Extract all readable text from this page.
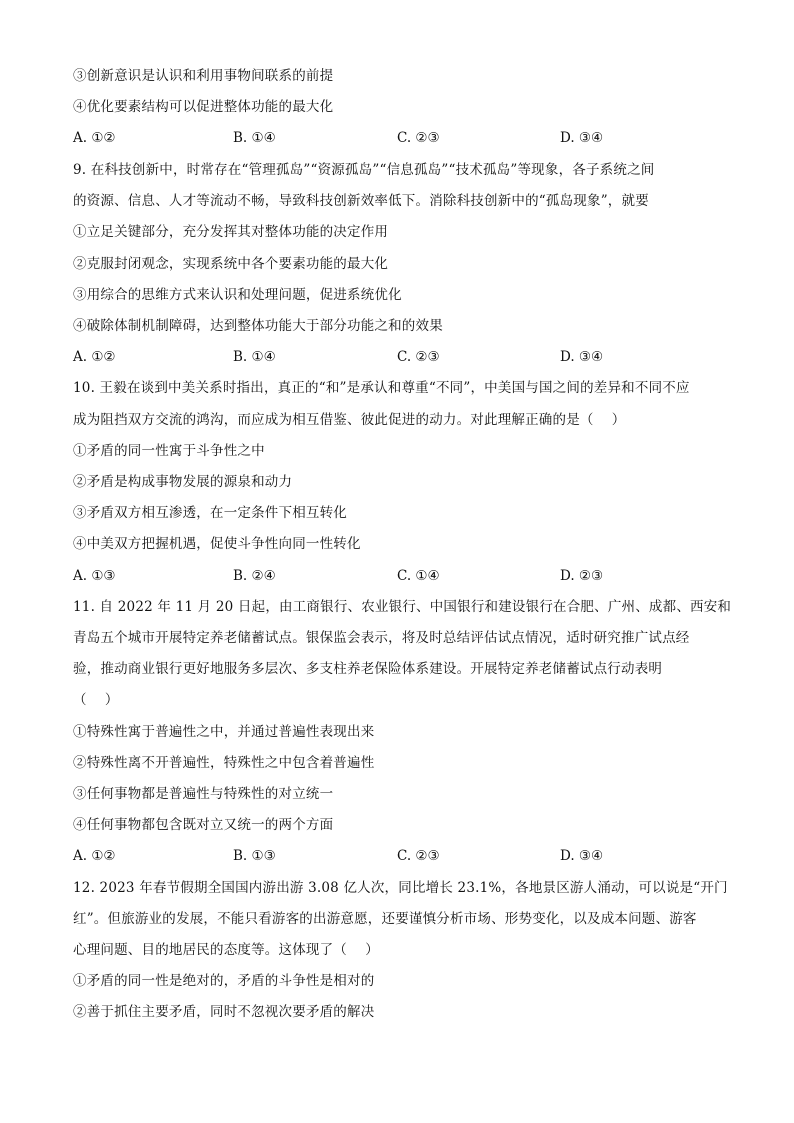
③创新意识是认识和利用事物间联系的前提
④优化要素结构可以促进整体功能的最大化
A. ①②	B. ①④	C. ②③	D. ③④
9. 在科技创新中，时常存在“管理孤岛”“资源孤岛”“信息孤岛”“技术孤岛”等现象，各子系统之间
的资源、信息、人才等流动不畅，导致科技创新效率低下。消除科技创新中的“孤岛现象”，就要
①立足关键部分，充分发挥其对整体功能的决定作用
②克服封闭观念，实现系统中各个要素功能的最大化
③用综合的思维方式来认识和处理问题，促进系统优化
④破除体制机制障碍，达到整体功能大于部分功能之和的效果
A. ①②	B. ①④	C. ②③	D. ③④
10. 王毅在谈到中美关系时指出，真正的“和”是承认和尊重“不同”，中美国与国之间的差异和不同不应
成为阻挡双方交流的鸿沟，而应成为相互借鉴、彼此促进的动力。对此理解正确的是（　 ）
①矛盾的同一性寓于斗争性之中
②矛盾是构成事物发展的源泉和动力
③矛盾双方相互渗透，在一定条件下相互转化
④中美双方把握机遇，促使斗争性向同一性转化
A. ①③	B. ②④	C. ①④	D. ②③
11. 自 2022 年 11 月 20 日起，由工商银行、农业银行、中国银行和建设银行在合肥、广州、成都、西安和
青岛五个城市开展特定养老储蓄试点。银保监会表示，将及时总结评估试点情况，适时研究推广试点经
验，推动商业银行更好地服务多层次、多支柱养老保险体系建设。开展特定养老储蓄试点行动表明
（　 ）
①特殊性寓于普遍性之中，并通过普遍性表现出来
②特殊性离不开普遍性，特殊性之中包含着普遍性
③任何事物都是普遍性与特殊性的对立统一
④任何事物都包含既对立又统一的两个方面
A. ①②	B. ①③	C. ②③	D. ③④
12. 2023 年春节假期全国国内游出游 3.08 亿人次，同比增长 23.1%，各地景区游人涌动，可以说是“开门
红”。但旅游业的发展，不能只看游客的出游意愿，还要谨慎分析市场、形势变化，以及成本问题、游客
心理问题、目的地居民的态度等。这体现了（　 ）
①矛盾的同一性是绝对的，矛盾的斗争性是相对的
②善于抓住主要矛盾，同时不忽视次要矛盾的解决
